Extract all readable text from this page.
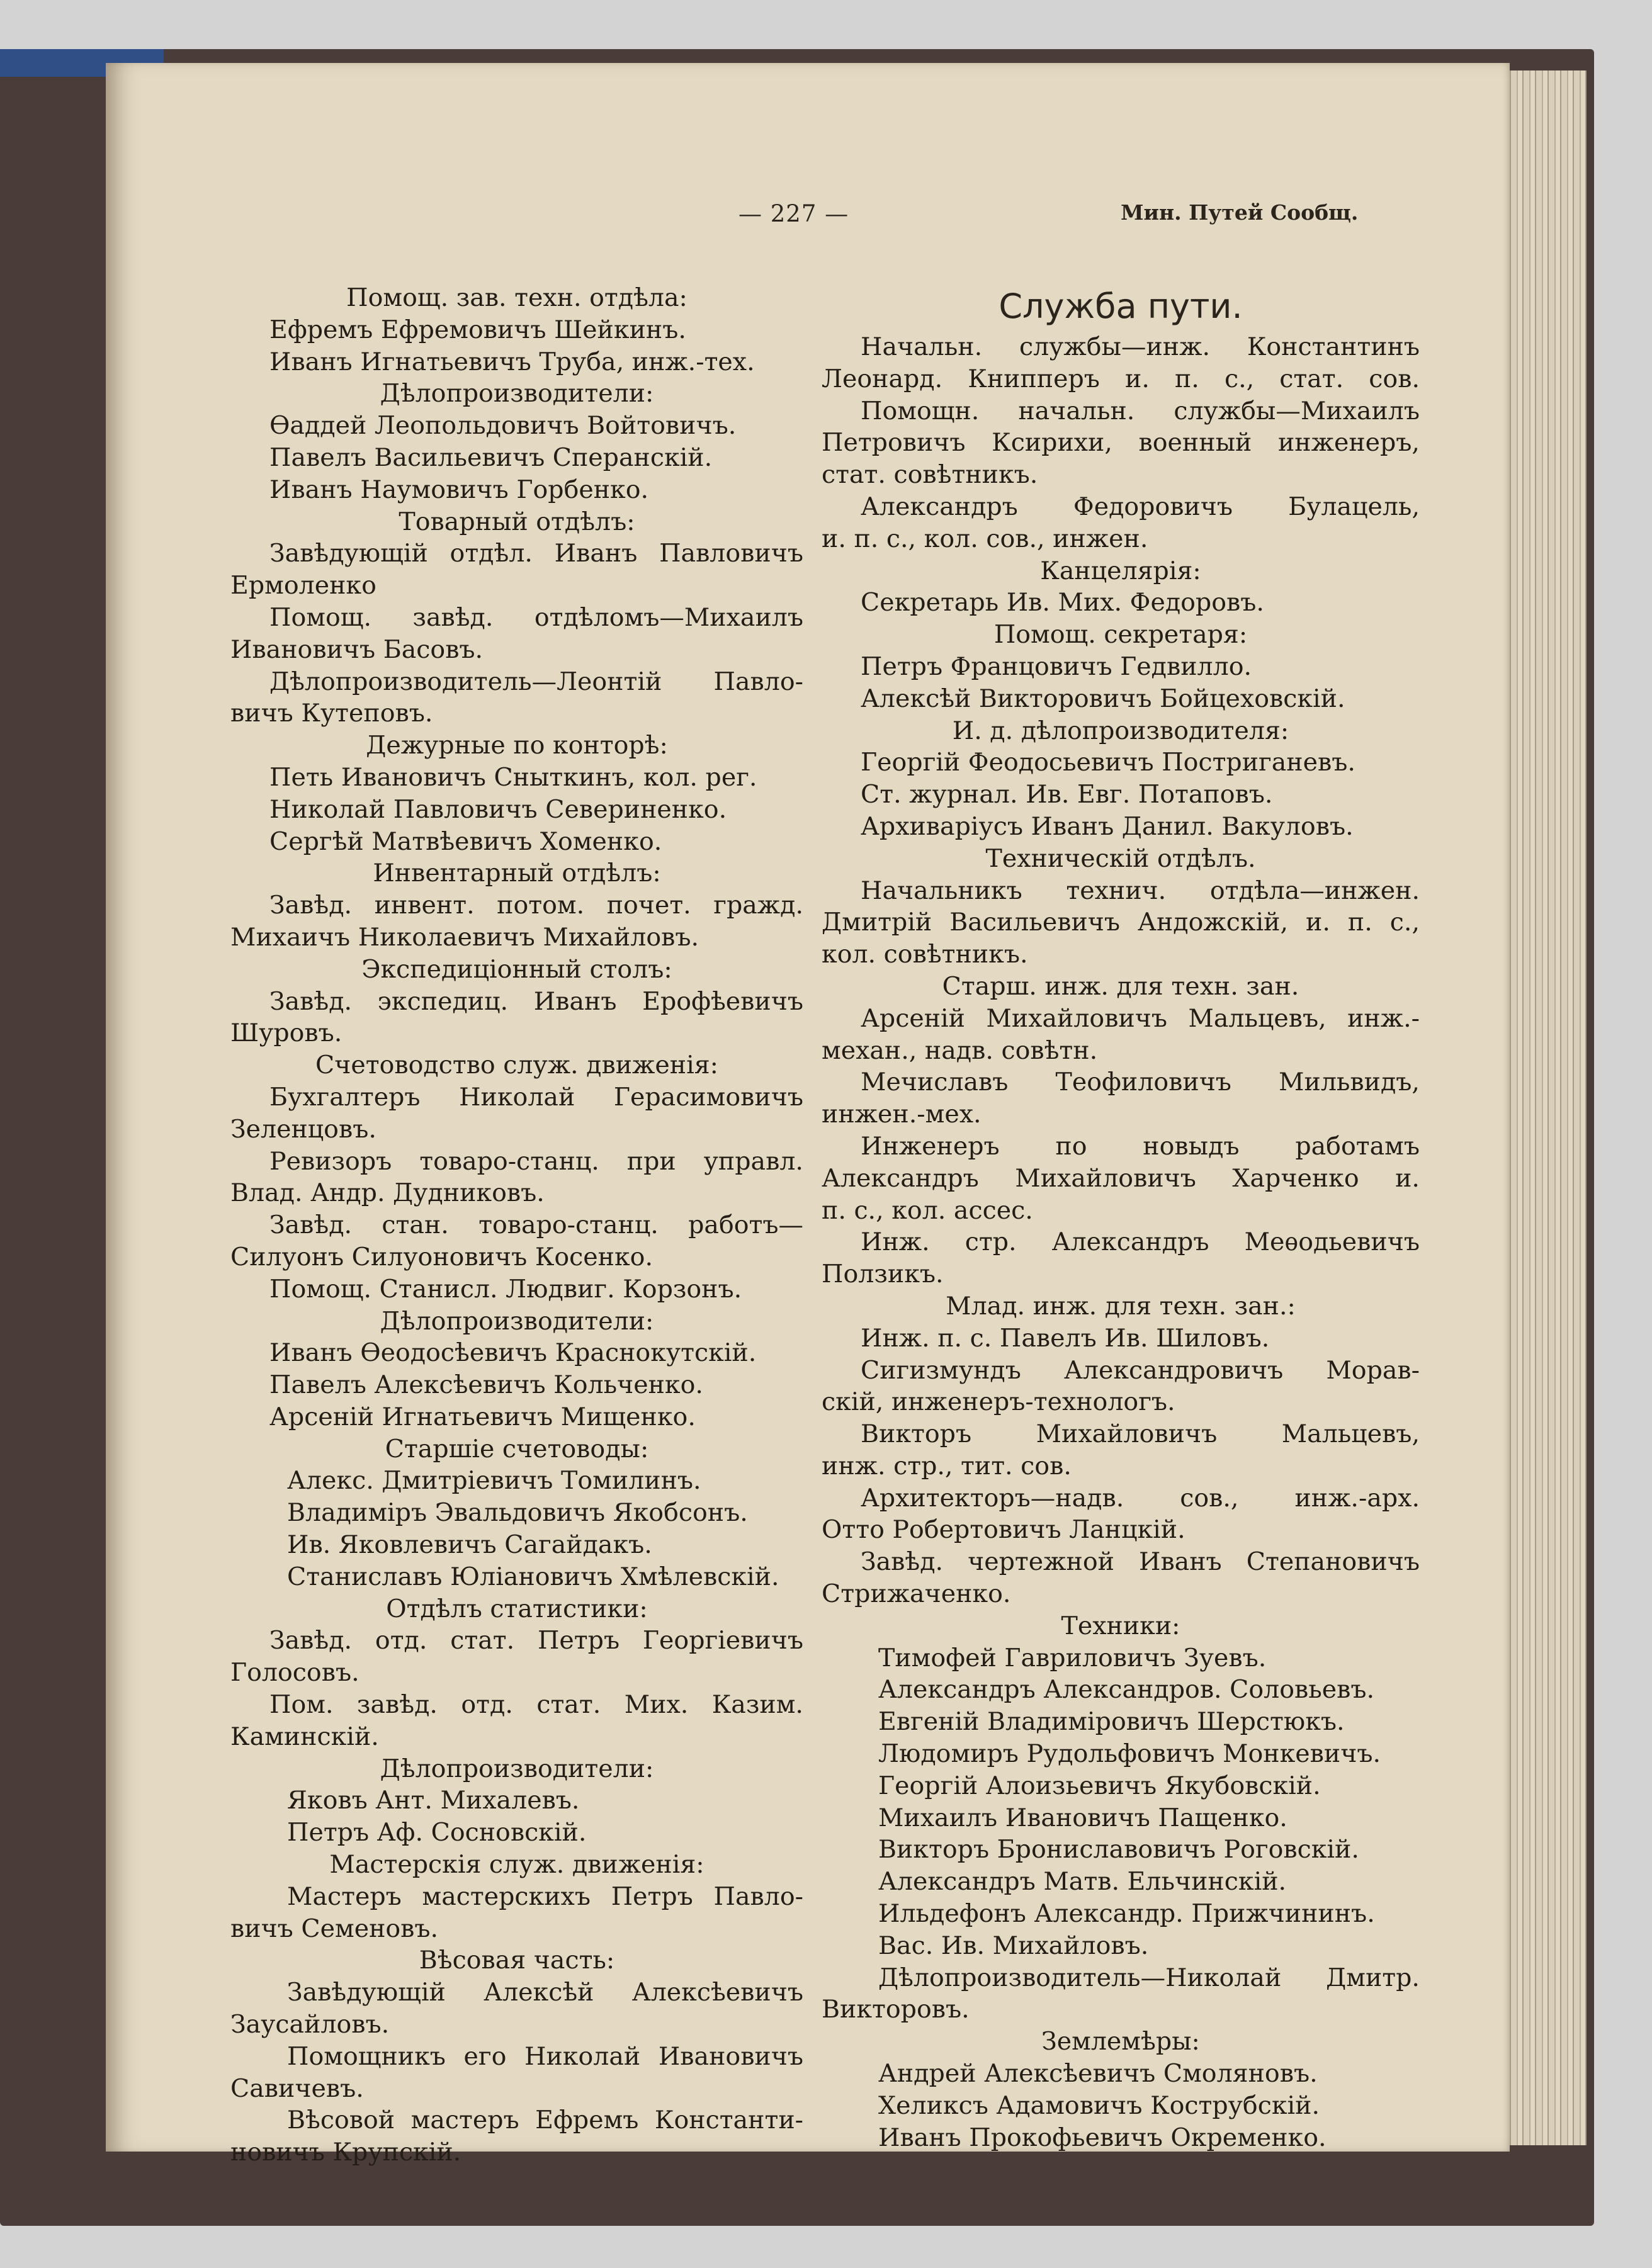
— 227 —	Мин. Путей Сообщ.
Помощ. зав. техн. отдѣла:
Ефремъ Ефремовичъ Шейкинъ.
Иванъ Игнатьевичъ Труба, инж.-тех.
Дѣлопроизводители:
Ѳаддей Леопольдовичъ Войтовичъ.
Павелъ Васильевичъ Сперанскій.
Иванъ Наумовичъ Горбенко.
Товарный отдѣлъ:
Завѣдующій отдѣл. Иванъ Павловичъ
Ермоленко
Помощ. завѣд. отдѣломъ—Михаилъ
Ивановичъ Басовъ.
Дѣлопроизводитель—Леонтій Павло-
вичъ Кутеповъ.
Дежурные по конторѣ:
Петь Ивановичъ Сныткинъ, кол. рег.
Николай Павловичъ Севериненко.
Сергѣй Матвѣевичъ Хоменко.
Инвентарный отдѣлъ:
Завѣд. инвент. потом. почет. гражд.
Михаичъ Николаевичъ Михайловъ.
Экспедиціонный столъ:
Завѣд. экспедиц. Иванъ Ерофѣевичъ
Шуровъ.
Счетоводство служ. движенія:
Бухгалтеръ Николай Герасимовичъ
Зеленцовъ.
Ревизоръ товаро-станц. при управл.
Влад. Андр. Дудниковъ.
Завѣд. стан. товаро-станц. работъ—
Силуонъ Силуоновичъ Косенко.
Помощ. Станисл. Людвиг. Корзонъ.
Дѣлопроизводители:
Иванъ Ѳеодосѣевичъ Краснокутскій.
Павелъ Алексѣевичъ Кольченко.
Арсеній Игнатьевичъ Мищенко.
Старшіе счетоводы:
Алекс. Дмитріевичъ Томилинъ.
Владиміръ Эвальдовичъ Якобсонъ.
Ив. Яковлевичъ Сагайдакъ.
Станиславъ Юліановичъ Хмѣлевскій.
Отдѣлъ статистики:
Завѣд. отд. стат. Петръ Георгіевичъ
Голосовъ.
Пом. завѣд. отд. стат. Мих. Казим.
Каминскій.
Дѣлопроизводители:
Яковъ Ант. Михалевъ.
Петръ Аф. Сосновскій.
Мастерскія служ. движенія:
Мастеръ мастерскихъ Петръ Павло-
вичъ Семеновъ.
Вѣсовая часть:
Завѣдующій Алексѣй Алексѣевичъ
Заусайловъ.
Помощникъ его Николай Ивановичъ
Савичевъ.
Вѣсовой мастеръ Ефремъ Константи-
новичъ Крупскій.
Служба пути.
Начальн. службы—инж. Константинъ
Леонард. Книпперъ и. п. с., стат. сов.
Помощн. начальн. службы—Михаилъ
Петровичъ Ксирихи, военный инженеръ,
стат. совѣтникъ.
Александръ Федоровичъ Булацель,
и. п. с., кол. сов., инжен.
Канцелярія:
Секретарь Ив. Мих. Федоровъ.
Помощ. секретаря:
Петръ Францовичъ Гедвилло.
Алексѣй Викторовичъ Бойцеховскій.
И. д. дѣлопроизводителя:
Георгій Феодосьевичъ Постриганевъ.
Ст. журнал. Ив. Евг. Потаповъ.
Архиваріусъ Иванъ Данил. Вакуловъ.
Техническій отдѣлъ.
Начальникъ технич. отдѣла—инжен.
Дмитрій Васильевичъ Андожскій, и. п. с.,
кол. совѣтникъ.
Старш. инж. для техн. зан.
Арсеній Михайловичъ Мальцевъ, инж.-
механ., надв. совѣтн.
Мечиславъ Теофиловичъ Мильвидъ,
инжен.-мех.
Инженеръ по новыдъ работамъ
Александръ Михайловичъ Харченко и.
п. с., кол. ассес.
Инж. стр. Александръ Меѳодьевичъ
Ползикъ.
Млад. инж. для техн. зан.:
Инж. п. с. Павелъ Ив. Шиловъ.
Сигизмундъ Александровичъ Морав-
скій, инженеръ-технологъ.
Викторъ Михайловичъ Мальцевъ,
инж. стр., тит. сов.
Архитекторъ—надв. сов., инж.-арх.
Отто Робертовичъ Ланцкій.
Завѣд. чертежной Иванъ Степановичъ
Стрижаченко.
Техники:
Тимофей Гавриловичъ Зуевъ.
Александръ Александров. Соловьевъ.
Евгеній Владиміровичъ Шерстюкъ.
Людомиръ Рудольфовичъ Монкевичъ.
Георгій Алоизьевичъ Якубовскій.
Михаилъ Ивановичъ Пащенко.
Викторъ Брониславовичъ Роговскій.
Александръ Матв. Ельчинскій.
Ильдефонъ Александр. Прижчининъ.
Вас. Ив. Михайловъ.
Дѣлопроизводитель—Николай Дмитр.
Викторовъ.
Землемѣры:
Андрей Алексѣевичъ Смоляновъ.
Хеликсъ Адамовичъ Кострубскій.
Иванъ Прокофьевичъ Окременко.
